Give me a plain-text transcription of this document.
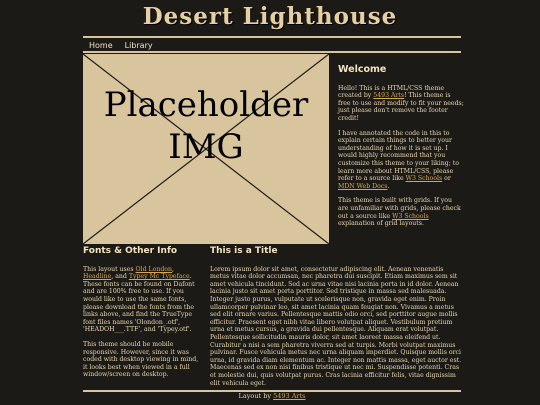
Desert Lighthouse
Home Library
Placeholder
IMG
Welcome

Hello! This is a HTML/CSS theme created by 5493 Arts! This theme is free to use and modify to fit your needs; just please don't remove the footer credit!

I have annotated the code in this to explain certain things to better your understanding of how it is set up. I would highly recommend that you customize this theme to your liking; to learn more about HTML/CSS, please refer to a source like W3 Schools or MDN Web Docs.

This theme is built with grids. If you are unfamiliar with grids, please check out a source like W3 Schools explanation of grid layouts.

Fonts & Other Info

This layout uses Old London, Headline, and Typey Mc Typeface. These fonts can be found on Dafont and are 100% free to use. If you would like to use the same fonts, please download the fonts from the links above, and find the TrueType font files names 'Olondon_.otf', 'HEADOH___.TTF', and 'Typey.otf'.

This theme should be mobile responsive. However, since it was coded with desktop viewing in mind, it looks best when viewed in a full window/screen on desktop.

This is a Title

Lorem ipsum dolor sit amet, consectetur adipiscing elit. Aenean venenatis metus vitae dolor accumsan, nec pharetra dui suscipit. Etiam maximus sem sit amet vehicula tincidunt. Sed ac urna vitae nisi lacinia porta in id dolor. Aenean lacinia justo sit amet porta porttitor. Sed tristique in massa sed malesuada. Integer justo purus, vulputate ut scelerisque non, gravida eget enim. Proin ullamcorper pulvinar leo, sit amet lacinia quam feugiat non. Vivamus a metus sed elit ornare varius. Pellentesque mattis odio orci, sed porttitor augue mollis efficitur. Praesent eget nibh vitae libero volutpat aliquet. Vestibulum pretium urna et metus cursus, a gravida dui pellentesque. Aliquam erat volutpat. Pellentesque sollicitudin mauris dolor, sit amet laoreet massa eleifend ut. Curabitur a nisi a sem pharetra viverra sed at turpis. Morbi volutpat maximus pulvinar. Fusce vehicula metus nec urna aliquam imperdiet. Quisque mollis orci urna, id gravida diam elementum ac. Integer non mattis massa, eget auctor est. Maecenas sed ex non nisi finibus tristique ut nec mi. Suspendisse potenti. Cras et molestie dui, quis volutpat purus. Cras lacinia efficitur felis, vitae dignissim elit vehicula eget.

Layout by 5493 Arts
